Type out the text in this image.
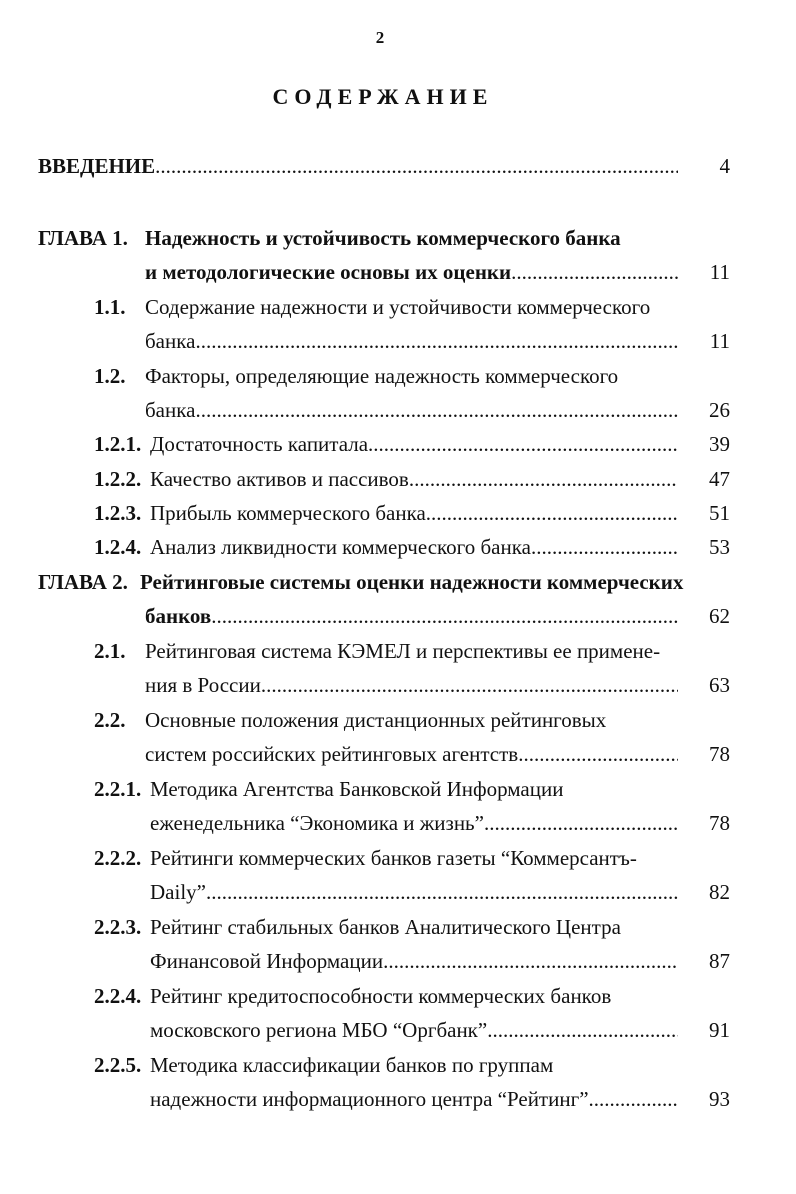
2
СОДЕРЖАНИЕ
ВВЕДЕНИЕ .....	4
ГЛАВА 1. Надежность и устойчивость коммерческого банка
и методологические основы их оценки .....	11
1.1. Содержание надежности и устойчивости коммерческого
банка .....	11
1.2. Факторы, определяющие надежность коммерческого
банка .....	26
1.2.1. Достаточность капитала .....	39
1.2.2. Качество активов и пассивов .....	47
1.2.3. Прибыль коммерческого банка .....	51
1.2.4. Анализ ликвидности коммерческого банка .....	53
ГЛАВА 2. Рейтинговые системы оценки надежности коммерческих
банков .....	62
2.1. Рейтинговая система КЭМЕЛ и перспективы ее примене-
ния в России .....	63
2.2. Основные положения дистанционных рейтинговых
систем российских рейтинговых агентств .....	78
2.2.1. Методика Агентства Банковской Информации
еженедельника “Экономика и жизнь” .....	78
2.2.2. Рейтинги коммерческих банков газеты “Коммерсантъ-
Daily” .....	82
2.2.3. Рейтинг стабильных банков Аналитического Центра
Финансовой Информации .....	87
2.2.4. Рейтинг кредитоспособности коммерческих банков
московского региона МБО “Оргбанк” .....	91
2.2.5. Методика классификации банков по группам
надежности информационного центра “Рейтинг” .....	93
